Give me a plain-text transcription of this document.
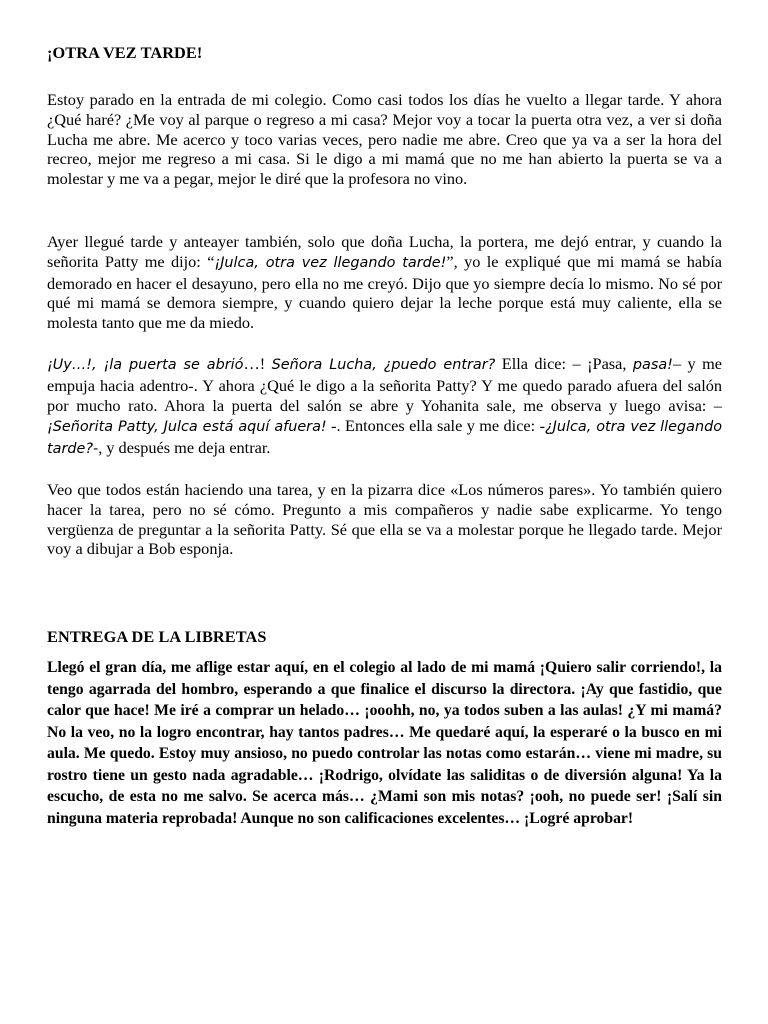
¡OTRA VEZ TARDE!

Estoy parado en la entrada de mi colegio. Como casi todos los días he vuelto a llegar tarde. Y ahora ¿Qué haré? ¿Me voy al parque o regreso a mi casa? Mejor voy a tocar la puerta otra vez, a ver si doña Lucha me abre. Me acerco y toco varias veces, pero nadie me abre. Creo que ya va a ser la hora del recreo, mejor me regreso a mi casa. Si le digo a mi mamá que no me han abierto la puerta se va a molestar y me va a pegar, mejor le diré que la profesora no vino.

Ayer llegué tarde y anteayer también, solo que doña Lucha, la portera, me dejó entrar, y cuando la señorita Patty me dijo: “¡Julca, otra vez llegando tarde!”, yo le expliqué que mi mamá se había demorado en hacer el desayuno, pero ella no me creyó. Dijo que yo siempre decía lo mismo. No sé por qué mi mamá se demora siempre, y cuando quiero dejar la leche porque está muy caliente, ella se molesta tanto que me da miedo.

¡Uy…!, ¡la puerta se abrió…! Señora Lucha, ¿puedo entrar? Ella dice: – ¡Pasa, pasa!– y me empuja hacia adentro-. Y ahora ¿Qué le digo a la señorita Patty? Y me quedo parado afuera del salón por mucho rato. Ahora la puerta del salón se abre y Yohanita sale, me observa y luego avisa: –¡Señorita Patty, Julca está aquí afuera! -. Entonces ella sale y me dice: -¿Julca, otra vez llegando tarde?-, y después me deja entrar.

Veo que todos están haciendo una tarea, y en la pizarra dice «Los números pares». Yo también quiero hacer la tarea, pero no sé cómo. Pregunto a mis compañeros y nadie sabe explicarme. Yo tengo vergüenza de preguntar a la señorita Patty. Sé que ella se va a molestar porque he llegado tarde. Mejor voy a dibujar a Bob esponja.

ENTREGA DE LA LIBRETAS

Llegó el gran día, me aflige estar aquí, en el colegio al lado de mi mamá ¡Quiero salir corriendo!, la tengo agarrada del hombro, esperando a que finalice el discurso la directora. ¡Ay que fastidio, que calor que hace! Me iré a comprar un helado… ¡ooohh, no, ya todos suben a las aulas! ¿Y mi mamá? No la veo, no la logro encontrar, hay tantos padres… Me quedaré aquí, la esperaré o la busco en mi aula. Me quedo. Estoy muy ansioso, no puedo controlar las notas como estarán… viene mi madre, su rostro tiene un gesto nada agradable… ¡Rodrigo, olvídate las saliditas o de diversión alguna! Ya la escucho, de esta no me salvo. Se acerca más… ¿Mami son mis notas? ¡ooh, no puede ser! ¡Salí sin ninguna materia reprobada! Aunque no son calificaciones excelentes… ¡Logré aprobar!
